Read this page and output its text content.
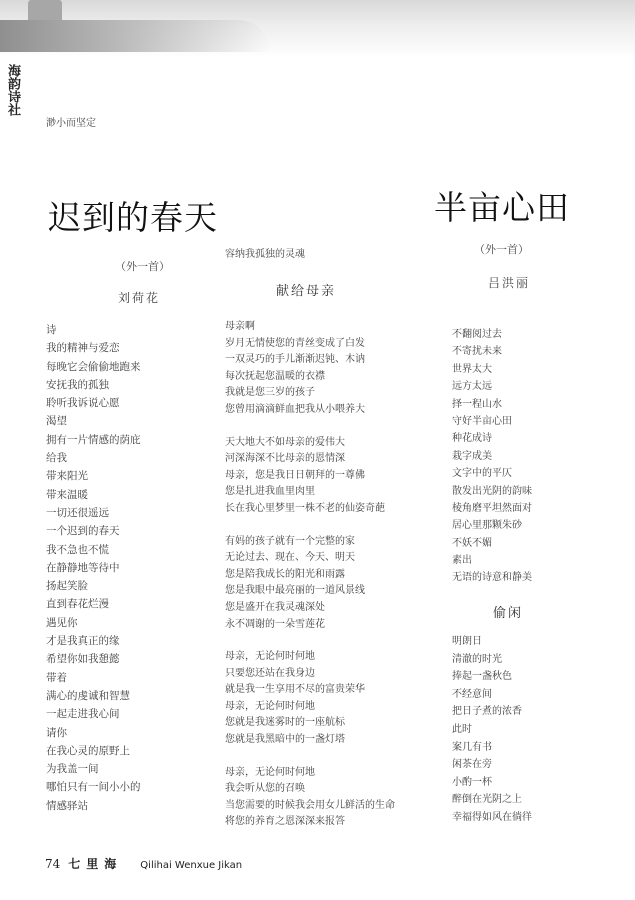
海韵诗社
渺小而坚定
迟到的春天
（外一首）
刘荷花
诗
我的精神与爱恋
每晚它会偷偷地跑来
安抚我的孤独
聆听我诉说心愿
渴望
拥有一片情感的荫庇
给我
带来阳光
带来温暖
一切还很遥远
一个迟到的春天
我不急也不慌
在静静地等待中
扬起笑脸
直到春花烂漫
遇见你
才是我真正的缘
希望你如我憩懿
带着
满心的虔诚和智慧
一起走进我心间
请你
在我心灵的原野上
为我盖一间
哪怕只有一间小小的
情感驿站
容纳我孤独的灵魂
献给母亲
母亲啊
岁月无情使您的青丝变成了白发
一双灵巧的手儿渐渐迟钝、木讷
每次抚起您温暖的衣襟
我就是您三岁的孩子
您曾用滴滴鲜血把我从小喂养大
天大地大不如母亲的爱伟大
河深海深不比母亲的恩情深
母亲，您是我日日朝拜的一尊佛
您是扎进我血里肉里
长在我心里梦里一株不老的仙姿奇葩
有妈的孩子就有一个完整的家
无论过去、现在、今天、明天
您是陪我成长的阳光和雨露
您是我眼中最亮丽的一道风景线
您是盛开在我灵魂深处
永不凋谢的一朵雪莲花
母亲，无论何时何地
只要您还站在我身边
就是我一生享用不尽的富贵荣华
母亲，无论何时何地
您就是我迷雾时的一座航标
您就是我黑暗中的一盏灯塔
母亲，无论何时何地
我会听从您的召唤
当您需要的时候我会用女儿鲜活的生命
将您的养育之恩深深来报答
半亩心田
（外一首）
吕洪丽
不翻阅过去
不寄扰未来
世界太大
远方太远
择一程山水
守好半亩心田
种花成诗
栽字成美
文字中的平仄
散发出光阴的韵味
棱角磨平坦然面对
居心里那颗朱砂
不妖不媚
素出
无语的诗意和静美
偷闲
明朗日
清澈的时光
捧起一盏秋色
不经意间
把日子煮的浓香
此时
案几有书
闲茶在旁
小酌一杯
醉倒在光阴之上
幸福得如风在徜徉
74 七里海 Qilihai Wenxue Jikan
